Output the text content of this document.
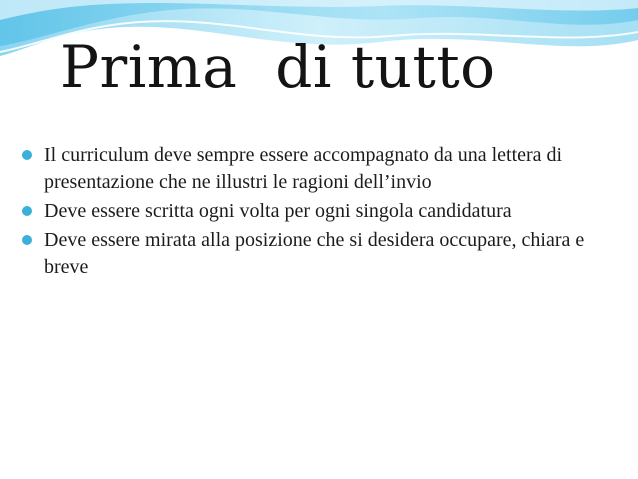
Prima  di tutto
Il curriculum deve sempre essere accompagnato da una lettera di presentazione che ne illustri le ragioni dell’invio
Deve essere scritta ogni volta per ogni singola candidatura
Deve essere mirata alla posizione che si desidera occupare, chiara e breve
